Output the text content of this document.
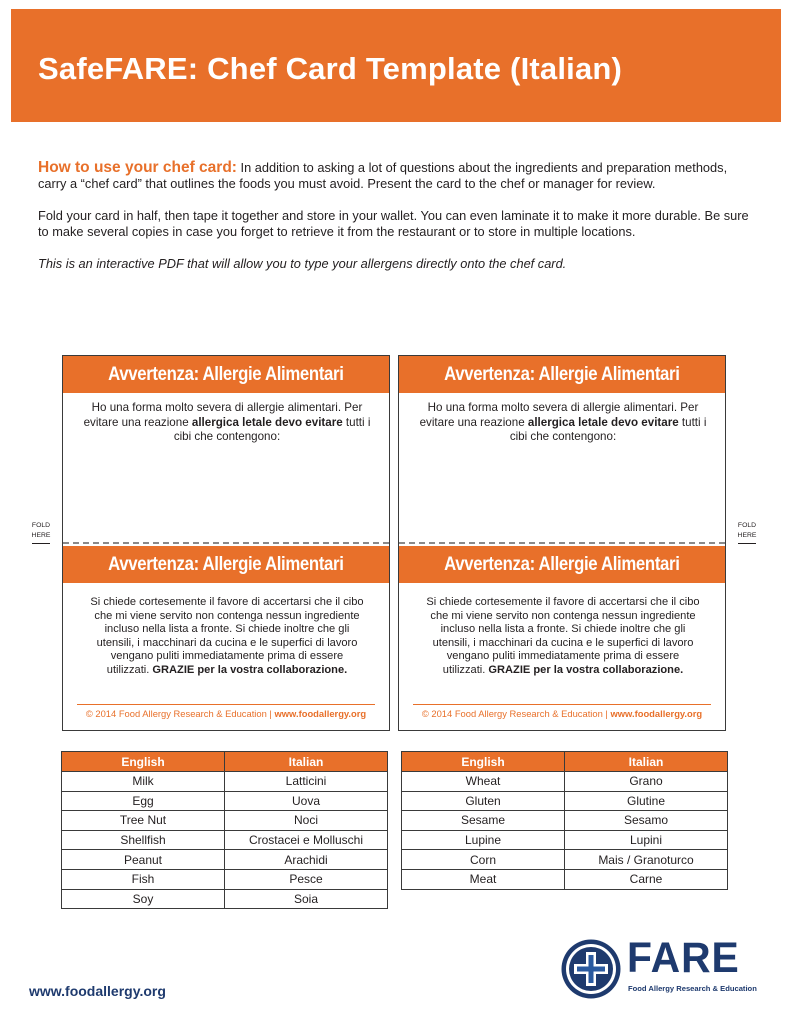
SafeFARE: Chef Card Template (Italian)

How to use your chef card: In addition to asking a lot of questions about the ingredients and preparation methods, carry a “chef card” that outlines the foods you must avoid. Present the card to the chef or manager for review.

Fold your card in half, then tape it together and store in your wallet. You can even laminate it to make it more durable. Be sure to make several copies in case you forget to retrieve it from the restaurant or to store in multiple locations.

This is an interactive PDF that will allow you to type your allergens directly onto the chef card.

Avvertenza: Allergie Alimentari
Ho una forma molto severa di allergie alimentari. Per evitare una reazione allergica letale devo evitare tutti i cibi che contengono:
Avvertenza: Allergie Alimentari
Si chiede cortesemente il favore di accertarsi che il cibo che mi viene servito non contenga nessun ingrediente incluso nella lista a fronte. Si chiede inoltre che gli utensili, i macchinari da cucina e le superfici di lavoro vengano puliti immediatamente prima di essere utilizzati. GRAZIE per la vostra collaborazione.
© 2014 Food Allergy Research & Education | www.foodallergy.org
Avvertenza: Allergie Alimentari
Ho una forma molto severa di allergie alimentari. Per evitare una reazione allergica letale devo evitare tutti i cibi che contengono:
Avvertenza: Allergie Alimentari
Si chiede cortesemente il favore di accertarsi che il cibo che mi viene servito non contenga nessun ingrediente incluso nella lista a fronte. Si chiede inoltre che gli utensili, i macchinari da cucina e le superfici di lavoro vengano puliti immediatamente prima di essere utilizzati. GRAZIE per la vostra collaborazione.
© 2014 Food Allergy Research & Education | www.foodallergy.org
FOLD
HERE
FOLD
HERE
English	Italian
Milk	Latticini
Egg	Uova
Tree Nut	Noci
Shellfish	Crostacei e Molluschi
Peanut	Arachidi
Fish	Pesce
Soy	Soia
English	Italian
Wheat	Grano
Gluten	Glutine
Sesame	Sesamo
Lupine	Lupini
Corn	Mais / Granoturco
Meat	Carne
www.foodallergy.org
FARE
Food Allergy Research & Education
